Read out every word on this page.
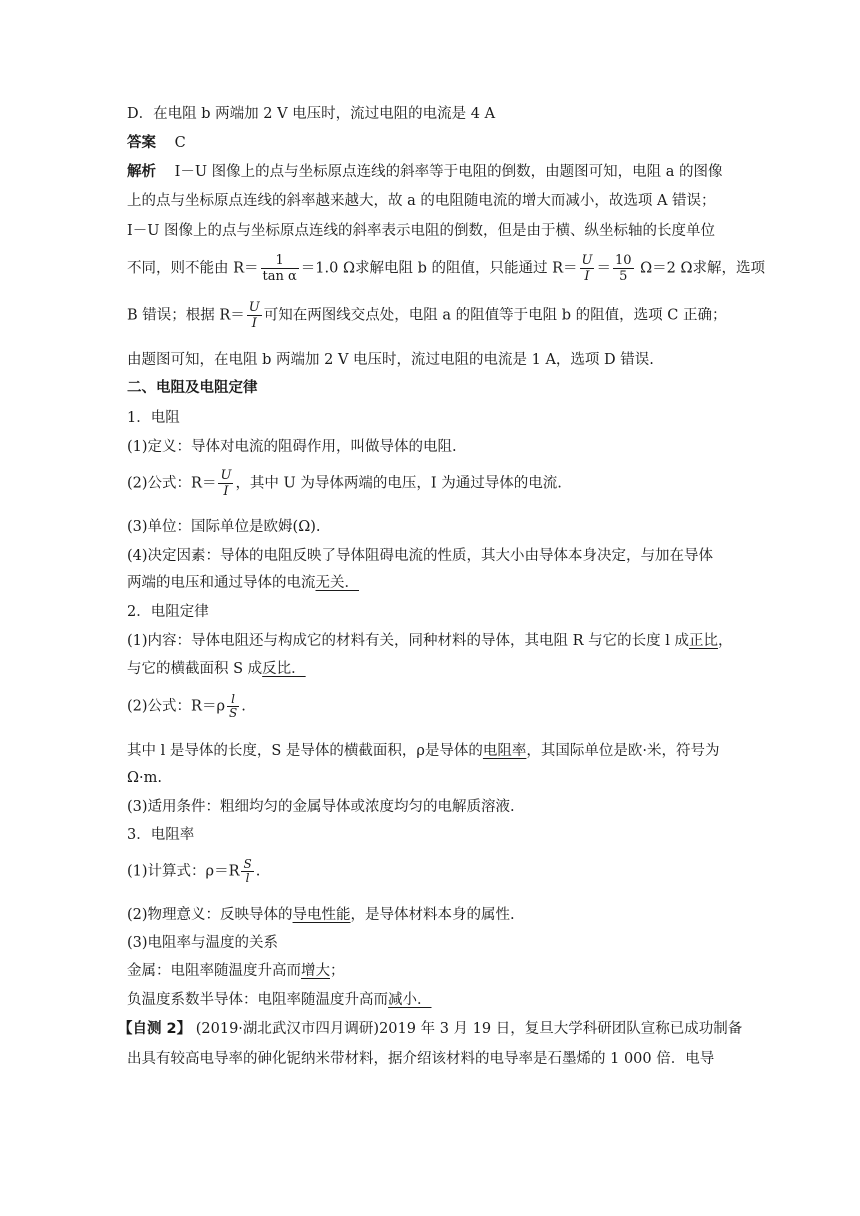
D．在电阻 b 两端加 2 V 电压时，流过电阻的电流是 4 A
答案 C
解析 I－U 图像上的点与坐标原点连线的斜率等于电阻的倒数，由题图可知，电阻 a 的图像
上的点与坐标原点连线的斜率越来越大，故 a 的电阻随电流的增大而减小，故选项 A 错误；
I－U 图像上的点与坐标原点连线的斜率表示电阻的倒数，但是由于横、纵坐标轴的长度单位
不同，则不能由 $R= \frac{1}{\text{tan α}} =1.0$ Ω求解电阻 b 的阻值，只能通过 $R= \frac{U}{I} = \frac{10}{5} \Omega=2$ Ω求解，选项
B 错误；根据 $R= \frac{U}{I}$ 可知在两图线交点处，电阻 a 的阻值等于电阻 b 的阻值，选项 C 正确；
由题图可知，在电阻 b 两端加 2 V 电压时，流过电阻的电流是 1 A，选项 D 错误.
二、电阻及电阻定律
1．电阻
(1)定义：导体对电流的阻碍作用，叫做导体的电阻.
(2)公式：$R= \frac{U}{I}$ ，其中 U 为导体两端的电压，I 为通过导体的电流.
(3)单位：国际单位是欧姆(Ω).
(4)决定因素：导体的电阻反映了导体阻碍电流的性质，其大小由导体本身决定，与加在导体
两端的电压和通过导体的电流无关．
2．电阻定律
(1)内容：导体电阻还与构成它的材料有关，同种材料的导体，其电阻 R 与它的长度 l 成正比，
与它的横截面积 S 成反比．
(2)公式：$R=\rho \frac{l}{S}$ .
其中 l 是导体的长度，S 是导体的横截面积，ρ是导体的电阻率，其国际单位是欧·米，符号为
Ω·m.
(3)适用条件：粗细均匀的金属导体或浓度均匀的电解质溶液.
3．电阻率
(1)计算式：$\rho=R \frac{S}{l}$ .
(2)物理意义：反映导体的导电性能，是导体材料本身的属性.
(3)电阻率与温度的关系
金属：电阻率随温度升高而增大；
负温度系数半导体：电阻率随温度升高而减小．
【自测 2】 (2019·湖北武汉市四月调研)2019 年 3 月 19 日，复旦大学科研团队宣称已成功制备
出具有较高电导率的砷化铌纳米带材料，据介绍该材料的电导率是石墨烯的 1 000 倍．电导
